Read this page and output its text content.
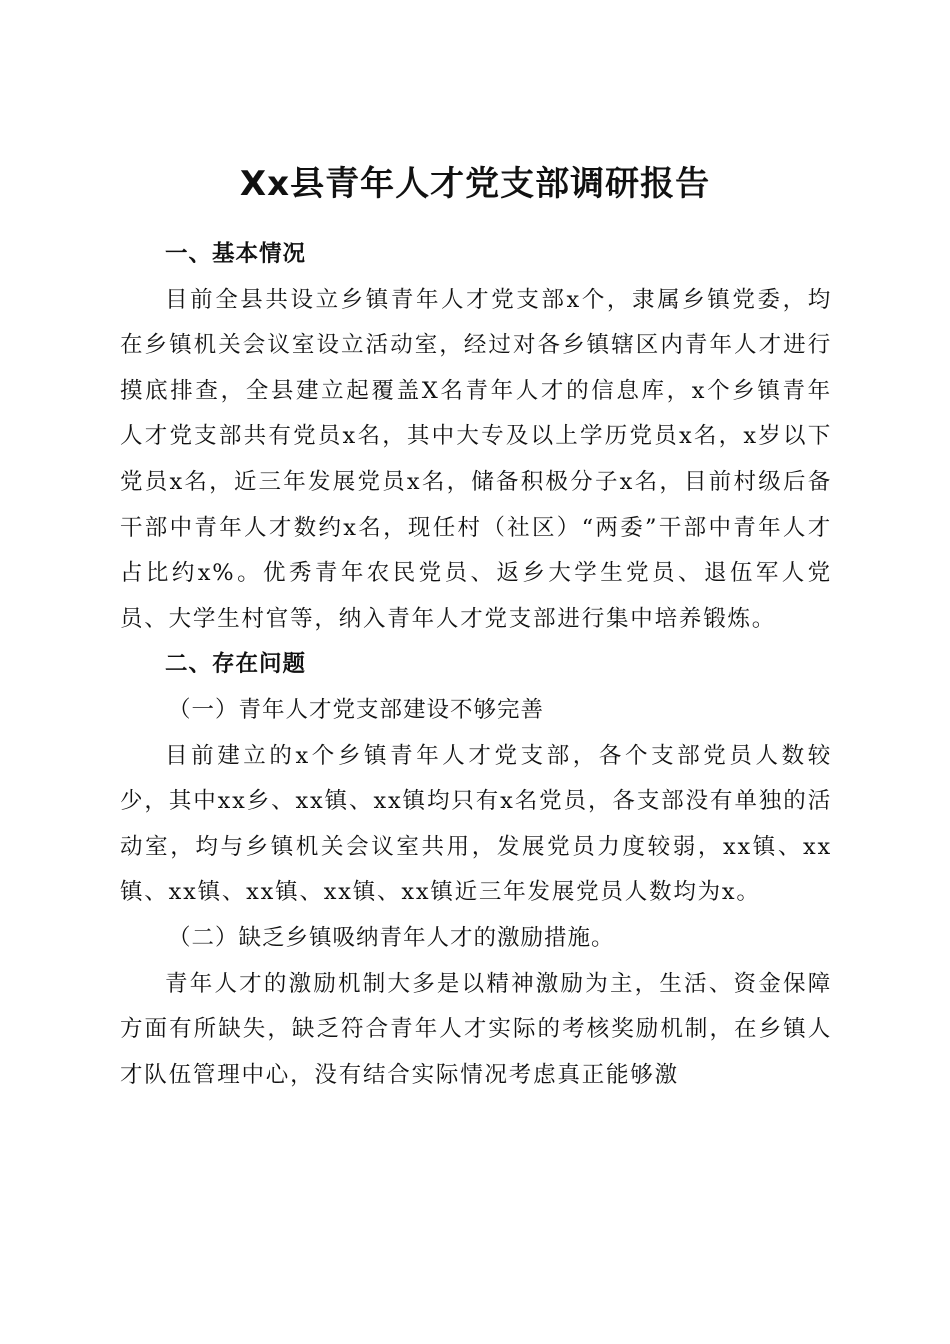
Xx县青年人才党支部调研报告
一、基本情况

目前全县共设立乡镇青年人才党支部x个，隶属乡镇党委，均在乡镇机关会议室设立活动室，经过对各乡镇辖区内青年人才进行摸底排查，全县建立起覆盖X名青年人才的信息库，x个乡镇青年人才党支部共有党员x名，其中大专及以上学历党员x名，x岁以下党员x名，近三年发展党员x名，储备积极分子x名，目前村级后备干部中青年人才数约x名，现任村（社区）“两委”干部中青年人才占比约x%。优秀青年农民党员、返乡大学生党员、退伍军人党员、大学生村官等，纳入青年人才党支部进行集中培养锻炼。

二、存在问题
（一）青年人才党支部建设不够完善

目前建立的x个乡镇青年人才党支部，各个支部党员人数较少，其中xx乡、xx镇、xx镇均只有x名党员，各支部没有单独的活动室，均与乡镇机关会议室共用，发展党员力度较弱，xx镇、xx镇、xx镇、xx镇、xx镇、xx镇近三年发展党员人数均为x。

（二）缺乏乡镇吸纳青年人才的激励措施。

青年人才的激励机制大多是以精神激励为主，生活、资金保障方面有所缺失，缺乏符合青年人才实际的考核奖励机制，在乡镇人才队伍管理中心，没有结合实际情况考虑真正能够激
